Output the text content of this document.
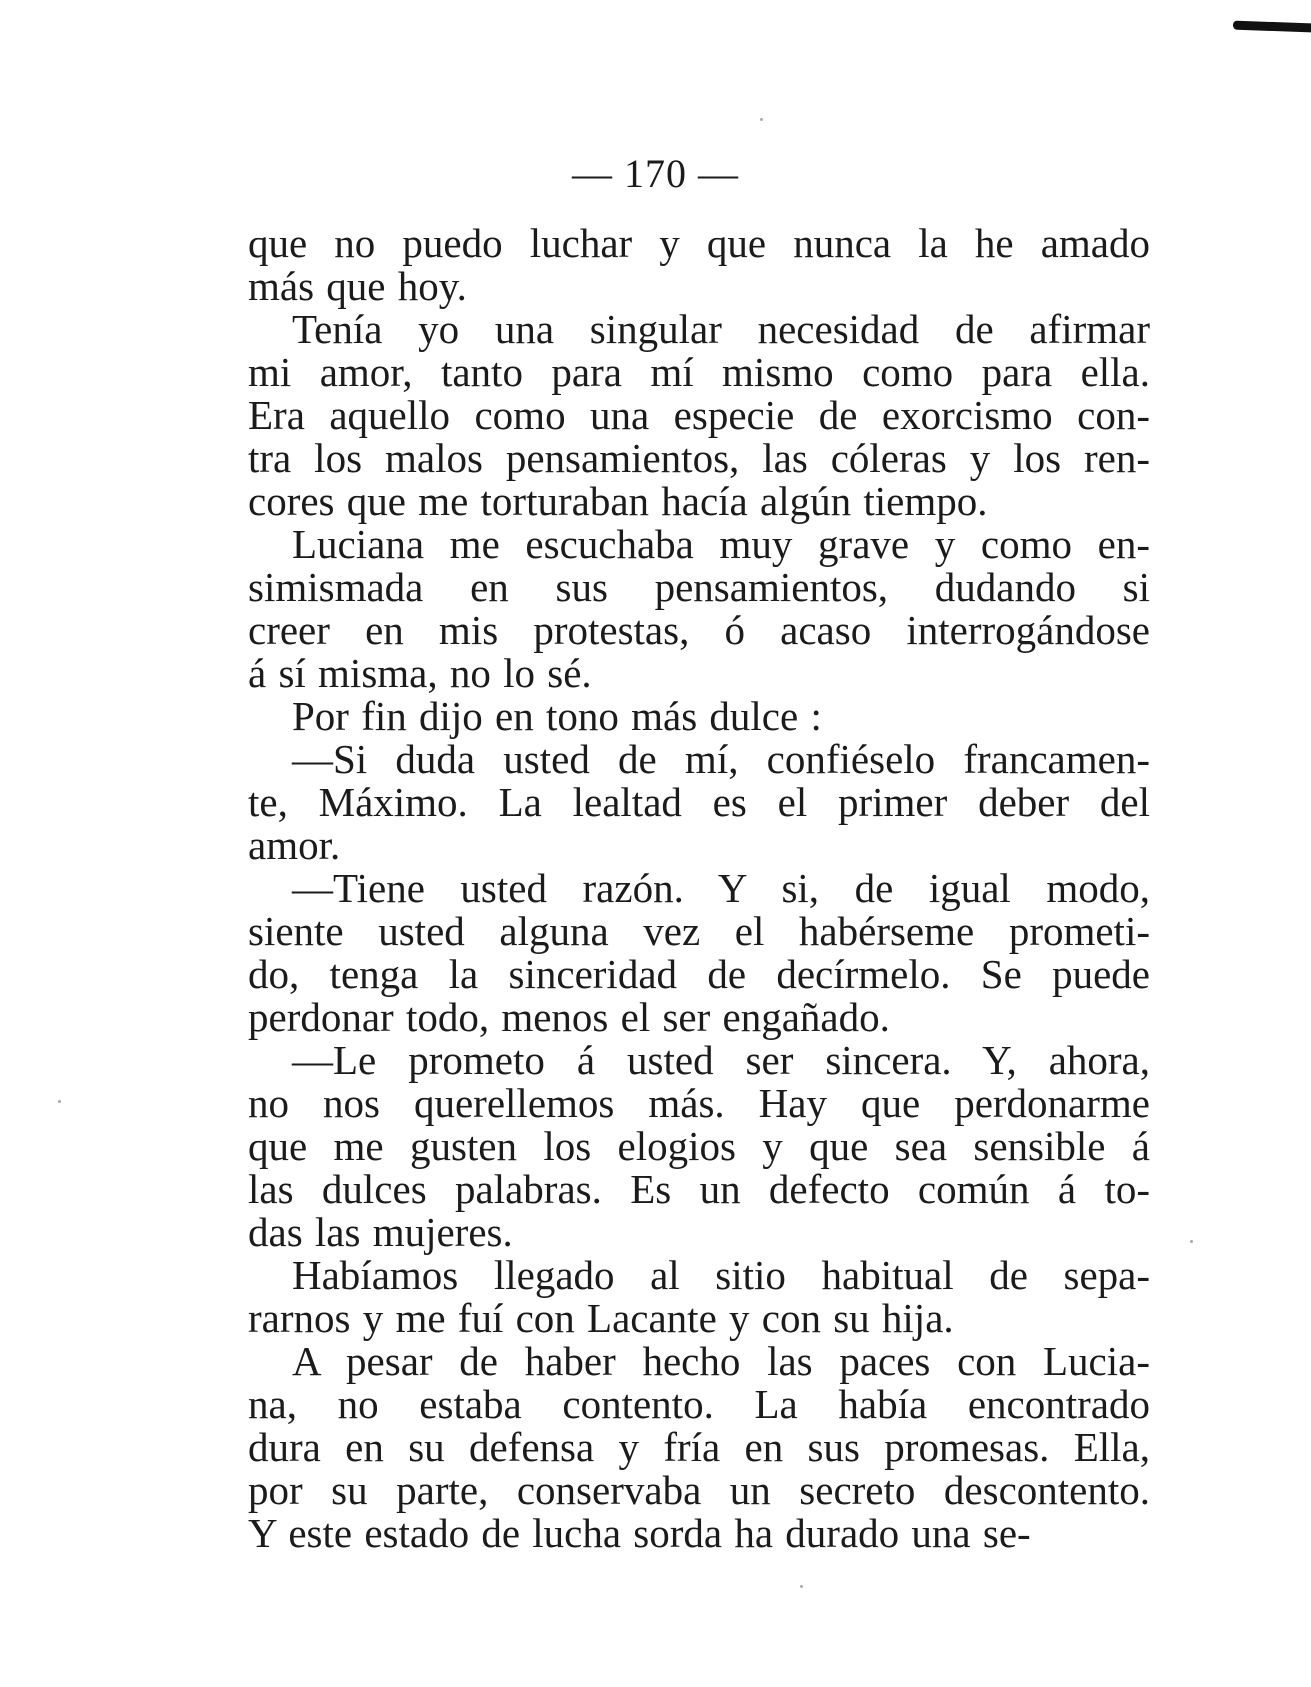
— 170 —

que no puedo luchar y que nunca la he amado
más que hoy.

Tenía yo una singular necesidad de afirmar
mi amor, tanto para mí mismo como para ella.
Era aquello como una especie de exorcismo con-
tra los malos pensamientos, las cóleras y los ren-
cores que me torturaban hacía algún tiempo.

Luciana me escuchaba muy grave y como en-
simismada en sus pensamientos, dudando si
creer en mis protestas, ó acaso interrogándose
á sí misma, no lo sé.

Por fin dijo en tono más dulce :

—Si duda usted de mí, confiéselo francamen-
te, Máximo. La lealtad es el primer deber del
amor.

—Tiene usted razón. Y si, de igual modo,
siente usted alguna vez el habérseme prometi-
do, tenga la sinceridad de decírmelo. Se puede
perdonar todo, menos el ser engañado.

—Le prometo á usted ser sincera. Y, ahora,
no nos querellemos más. Hay que perdonarme
que me gusten los elogios y que sea sensible á
las dulces palabras. Es un defecto común á to-
das las mujeres.

Habíamos llegado al sitio habitual de sepa-
rarnos y me fuí con Lacante y con su hija.

A pesar de haber hecho las paces con Lucia-
na, no estaba contento. La había encontrado
dura en su defensa y fría en sus promesas. Ella,
por su parte, conservaba un secreto descontento.
Y este estado de lucha sorda ha durado una se-
